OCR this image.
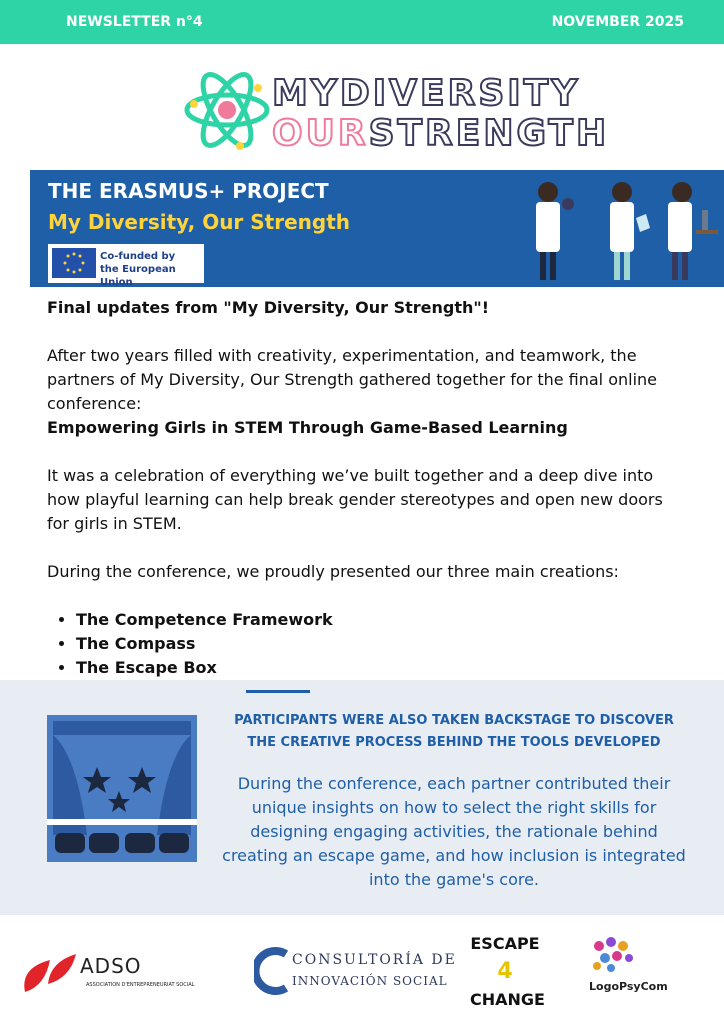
NEWSLETTER n°4	NOVEMBER 2025
MYDIVERSITY
OURSTRENGTH
THE ERASMUS+ PROJECT
My Diversity, Our Strength
Co-funded by
the European Union

Final updates from "My Diversity, Our Strength"!

After two years filled with creativity, experimentation, and teamwork, the partners of My Diversity, Our Strength gathered together for the final online conference:

Empowering Girls in STEM Through Game-Based Learning

It was a celebration of everything we’ve built together and a deep dive into how playful learning can help break gender stereotypes and open new doors for girls in STEM.

During the conference, we proudly presented our three main creations:

• The Competence Framework
• The Compass
• The Escape Box
PARTICIPANTS WERE ALSO TAKEN BACKSTAGE TO DISCOVER THE CREATIVE PROCESS BEHIND THE TOOLS DEVELOPED
During the conference, each partner contributed their unique insights on how to select the right skills for designing engaging activities, the rationale behind creating an escape game, and how inclusion is integrated into the game's core.
ADSO
ASSOCIATION D'ENTREPRENEURIAT SOCIAL
CONSULTORÍA DE
INNOVACIÓN SOCIAL
ESCAPE
4
CHANGE
LogoPsyCom
